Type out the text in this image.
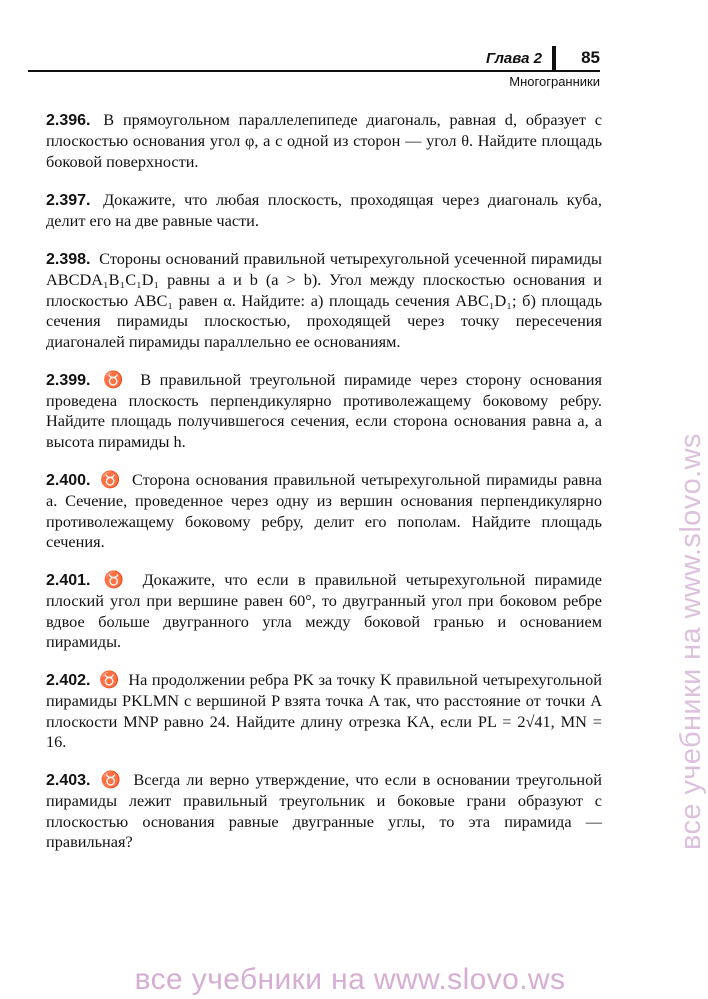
Глава 2 85
Многогранники

2.396. В прямоугольном параллелепипеде диагональ, равная d, образует с плоскостью основания угол φ, а с одной из сторон — угол θ. Найдите площадь боковой поверхности.

2.397. Докажите, что любая плоскость, проходящая через диагональ куба, делит его на две равные части.

2.398. Стороны оснований правильной четырехугольной усеченной пирамиды ABCDA₁B₁C₁D₁ равны a и b (a > b). Угол между плоскостью основания и плоскостью ABC₁ равен α. Найдите: а) площадь сечения ABC₁D₁; б) площадь сечения пирамиды плоскостью, проходящей через точку пересечения диагоналей пирамиды параллельно ее основаниям.

2.399. ♉ В правильной треугольной пирамиде через сторону основания проведена плоскость перпендикулярно противолежащему боковому ребру. Найдите площадь получившегося сечения, если сторона основания равна a, а высота пирамиды h.

2.400. ♉ Сторона основания правильной четырехугольной пирамиды равна a. Сечение, проведенное через одну из вершин основания перпендикулярно противолежащему боковому ребру, делит его пополам. Найдите площадь сечения.

2.401. ♉ Докажите, что если в правильной четырехугольной пирамиде плоский угол при вершине равен 60°, то двугранный угол при боковом ребре вдвое больше двугранного угла между боковой гранью и основанием пирамиды.

2.402. ♉ На продолжении ребра PK за точку K правильной четырехугольной пирамиды PKLMN с вершиной P взята точка A так, что расстояние от точки A плоскости MNP равно 24. Найдите длину отрезка KA, если PL = 2√41, MN = 16.

2.403. ♉ Всегда ли верно утверждение, что если в основании треугольной пирамиды лежит правильный треугольник и боковые грани образуют с плоскостью основания равные двугранные углы, то эта пирамида — правильная?	все учебники на www.slovo.ws
все учебники на www.slovo.ws
